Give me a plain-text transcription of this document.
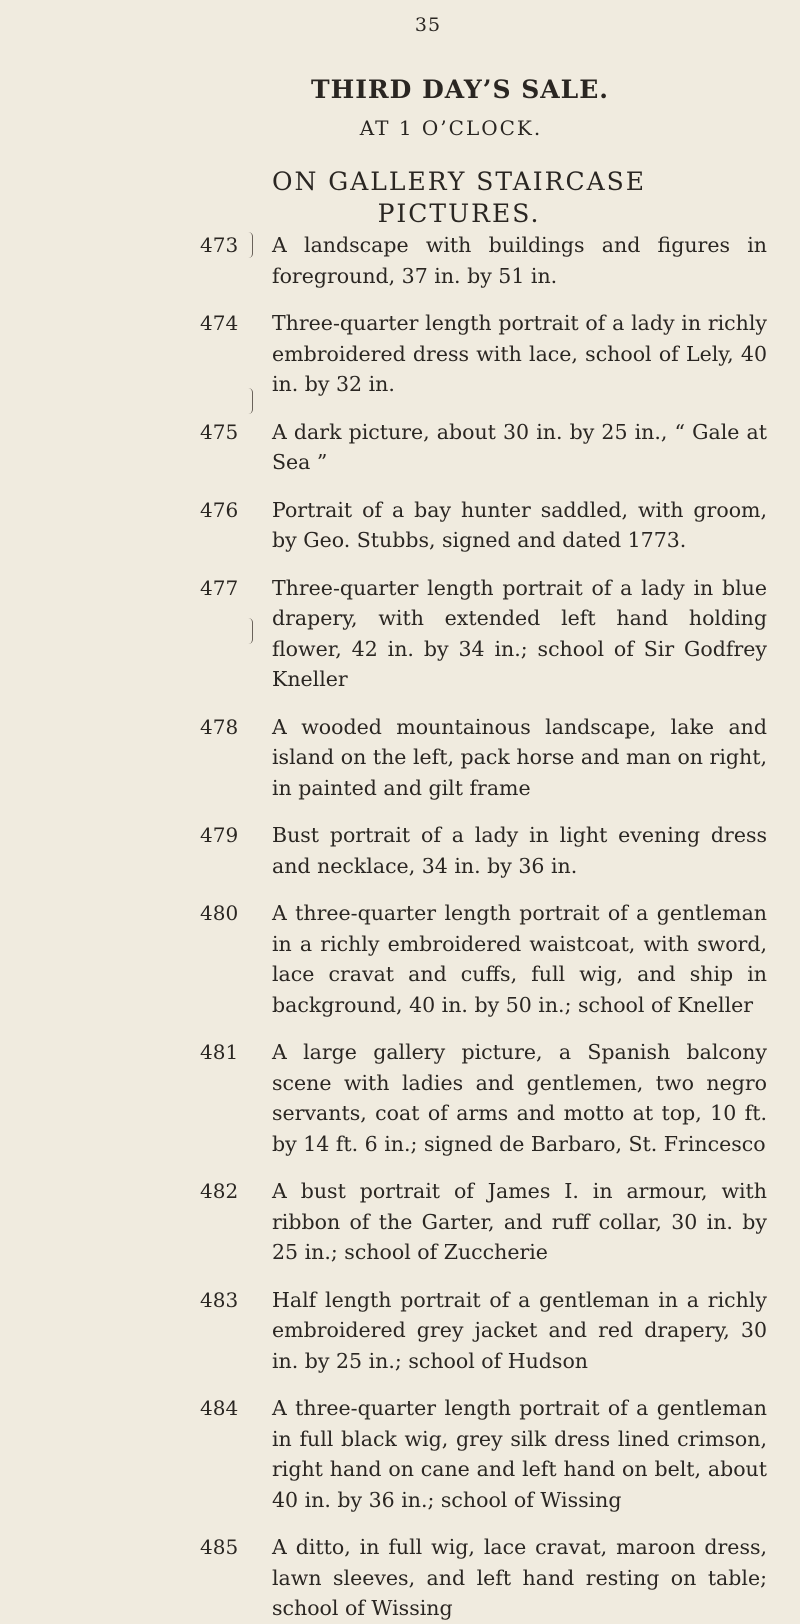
35
THIRD DAY’S SALE.
AT 1 O’CLOCK.
ON GALLERY STAIRCASE
PICTURES.
473	A landscape with buildings and figures in foreground, 37 in. by 51 in.
474	Three-quarter length portrait of a lady in richly embroidered dress with lace, school of Lely, 40 in. by 32 in.
475	A dark picture, about 30 in. by 25 in., “ Gale at Sea ”
476	Portrait of a bay hunter saddled, with groom, by Geo. Stubbs, signed and dated 1773.
477	Three-quarter length portrait of a lady in blue drapery, with extended left hand holding flower, 42 in. by 34 in.; school of Sir Godfrey Kneller
478	A wooded mountainous landscape, lake and island on the left, pack horse and man on right, in painted and gilt frame
479	Bust portrait of a lady in light evening dress and necklace, 34 in. by 36 in.
480	A three-quarter length portrait of a gentleman in a richly embroidered waistcoat, with sword, lace cravat and cuffs, full wig, and ship in background, 40 in. by 50 in.; school of Kneller
481	A large gallery picture, a Spanish balcony scene with ladies and gentlemen, two negro servants, coat of arms and motto at top, 10 ft. by 14 ft. 6 in.; signed de Barbaro, St. Frincesco
482	A bust portrait of James I. in armour, with ribbon of the Garter, and ruff collar, 30 in. by 25 in.; school of Zuccherie
483	Half length portrait of a gentleman in a richly embroidered grey jacket and red drapery, 30 in. by 25 in.; school of Hudson
484	A three-quarter length portrait of a gentleman in full black wig, grey silk dress lined crimson, right hand on cane and left hand on belt, about 40 in. by 36 in.; school of Wissing
485	A ditto, in full wig, lace cravat, maroon dress, lawn sleeves, and left hand resting on table; school of Wissing
